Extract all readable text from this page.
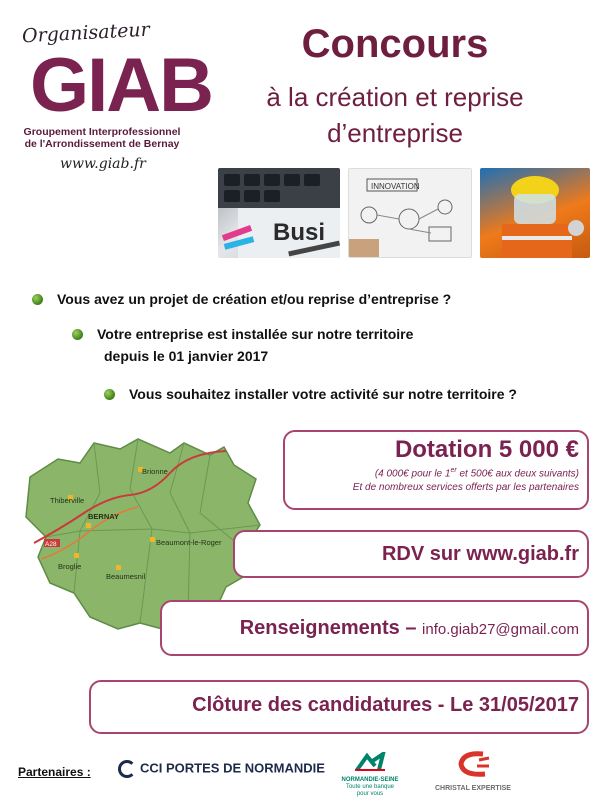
Organisateur
GIAB
Groupement Interprofessionnel
de l'Arrondissement de Bernay
www.giab.fr
Concours
à la création et reprise
d’entreprise
Busi
INNOVATION
Vous avez un projet de création et/ou reprise d’entreprise ?
Votre entreprise est installée sur notre territoire
depuis le 01 janvier 2017
Vous souhaitez installer votre activité sur notre territoire ?
Brionne
Thiberville
BERNAY
Beaumont-le-Roger
Broglie
Beaumesnil
A28
Dotation 5 000 €
(4 000€ pour le 1er et 500€ aux deux suivants)
Et de nombreux services offerts par les partenaires
RDV sur www.giab.fr
Renseignements – info.giab27@gmail.com
Clôture des candidatures - Le 31/05/2017
Partenaires :	CCI PORTES DE NORMANDIE
NORMANDIE-SEINE
Toute une banque
pour vous
CHRISTAL EXPERTISE
